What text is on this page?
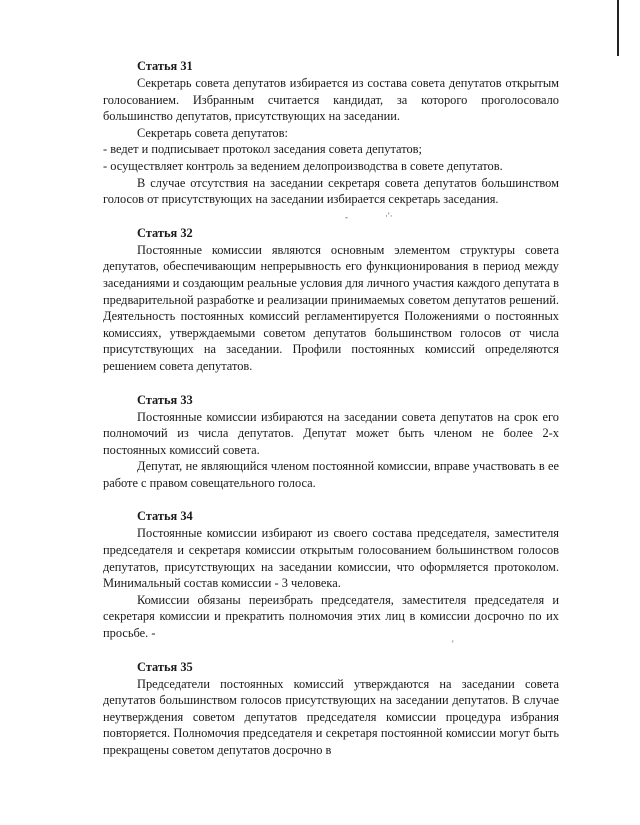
Статья 31

Секретарь совета депутатов избирается из состава совета депутатов открытым голосованием. Избранным считается кандидат, за которого проголосовало большинство депутатов, присутствующих на заседании.

Секретарь совета депутатов:

- ведет и подписывает протокол заседания совета депутатов;

- осуществляет контроль за ведением делопроизводства в совете депутатов.

В случае отсутствия на заседании секретаря совета депутатов большинством голосов от присутствующих на заседании избирается секретарь заседания.

Статья 32

Постоянные комиссии являются основным элементом структуры совета депутатов, обеспечивающим непрерывность его функционирования в период между заседаниями и создающим реальные условия для личного участия каждого депутата в предварительной разработке и реализации принимаемых советом депутатов решений. Деятельность постоянных комиссий регламентируется Положениями о постоянных комиссиях, утверждаемыми советом депутатов большинством голосов от числа присутствующих на заседании. Профили постоянных комиссий определяются решением совета депутатов.

Статья 33

Постоянные комиссии избираются на заседании совета депутатов на срок его полномочий из числа депутатов. Депутат может быть членом не более 2-х постоянных комиссий совета.

Депутат, не являющийся членом постоянной комиссии, вправе участвовать в ее работе с правом совещательного голоса.

Статья 34

Постоянные комиссии избирают из своего состава председателя, заместителя председателя и секретаря комиссии открытым голосованием большинством голосов депутатов, присутствующих на заседании комиссии, что оформляется протоколом. Минимальный состав комиссии - 3 человека.

Комиссии обязаны переизбрать председателя, заместителя председателя и секретаря комиссии и прекратить полномочия этих лиц в комиссии досрочно по их просьбе. -

Статья 35

Председатели постоянных комиссий утверждаются на заседании совета депутатов большинством голосов присутствующих на заседании депутатов. В случае неутверждения советом депутатов председателя комиссии процедура избрания повторяется. Полномочия председателя и секретаря постоянной комиссии могут быть прекращены советом депутатов досрочно в

-	·'·
'
